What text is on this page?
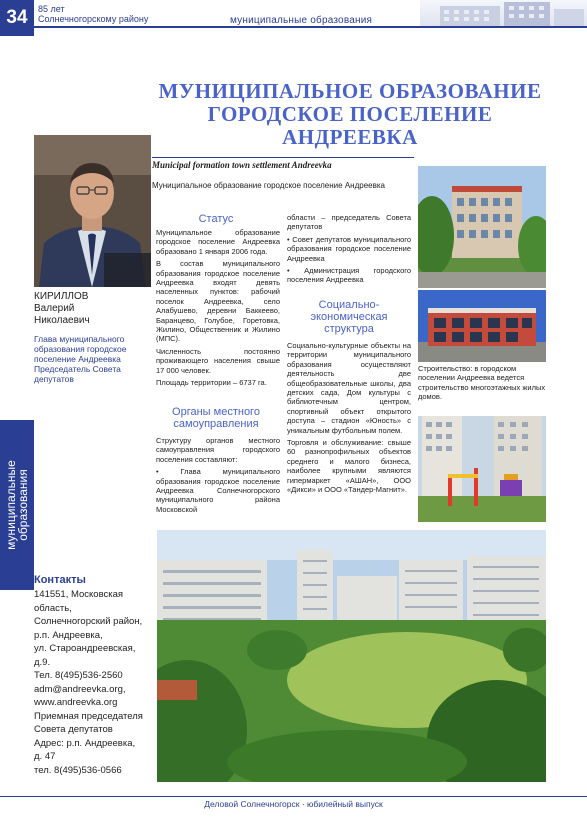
34	85 лет
Солнечногорскому району	муниципальные образования
МУНИЦИПАЛЬНОЕ ОБРАЗОВАНИЕ ГОРОДСКОЕ ПОСЕЛЕНИЕ АНДРЕЕВКА
КИРИЛЛОВ
Валерий
Николаевич
Глава муниципального образования городское поселение Андреевка Председатель Совета депутатов
муниципальные
образования
Контакты
141551, Московская
область,
Солнечногорский район,
р.п. Андреевка,
ул. Староандреевская,
д.9.
Тел. 8(495)536-2560
adm@andreevka.org,
www.andreevka.org
Приемная председателя
Совета депутатов
Адрес: р.п. Андреевка,
д. 47
тел. 8(495)536-0566
Municipal formation town settlement Andreevka
Муниципальное образование городское поселение Андреевка
Статус

Муниципальное образование городское поселение Андреевка образовано 1 января 2006 года.

В состав муниципального образования городское поселение Андреевка входят девять населенных пунктов: рабочий поселок Андреевка, село Алабушево, деревни Баккеево, Баранцево, Голубое, Горетовка, Жилино, Общественник и Жилино (МПС).

Численность постоянно проживающего населения свыше 17 000 человек.

Площадь территории – 6737 га.

Органы местного самоуправления

Структуру органов местного самоуправления городского поселения составляют:

• Глава муниципального образования городское поселение Андреевка Солнечногорского муниципального района Московской

области – председатель Совета депутатов

• Совет депутатов муниципального образования городское поселение Андреевка

• Администрация городского поселения Андреевка

Социально-экономическая структура

Социально-культурные объекты на территории муниципального образования осуществляют деятельность две общеобразовательные школы, два детских сада, Дом культуры с библиотечным центром, спортивный объект открытого доступа – стадион «Юность» с уникальным футбольным полем.

Торговля и обслуживание: свыше 60 разнопрофильных объектов среднего и малого бизнеса, наиболее крупными являются гипермаркет «АШАН», ООО «Дикси» и ООО «Тандер-Магнит».

Строительство: в городском поселении Андреевка ведется строительство многоэтажных жилых домов.
Деловой Солнечногорск · юбилейный выпуск
